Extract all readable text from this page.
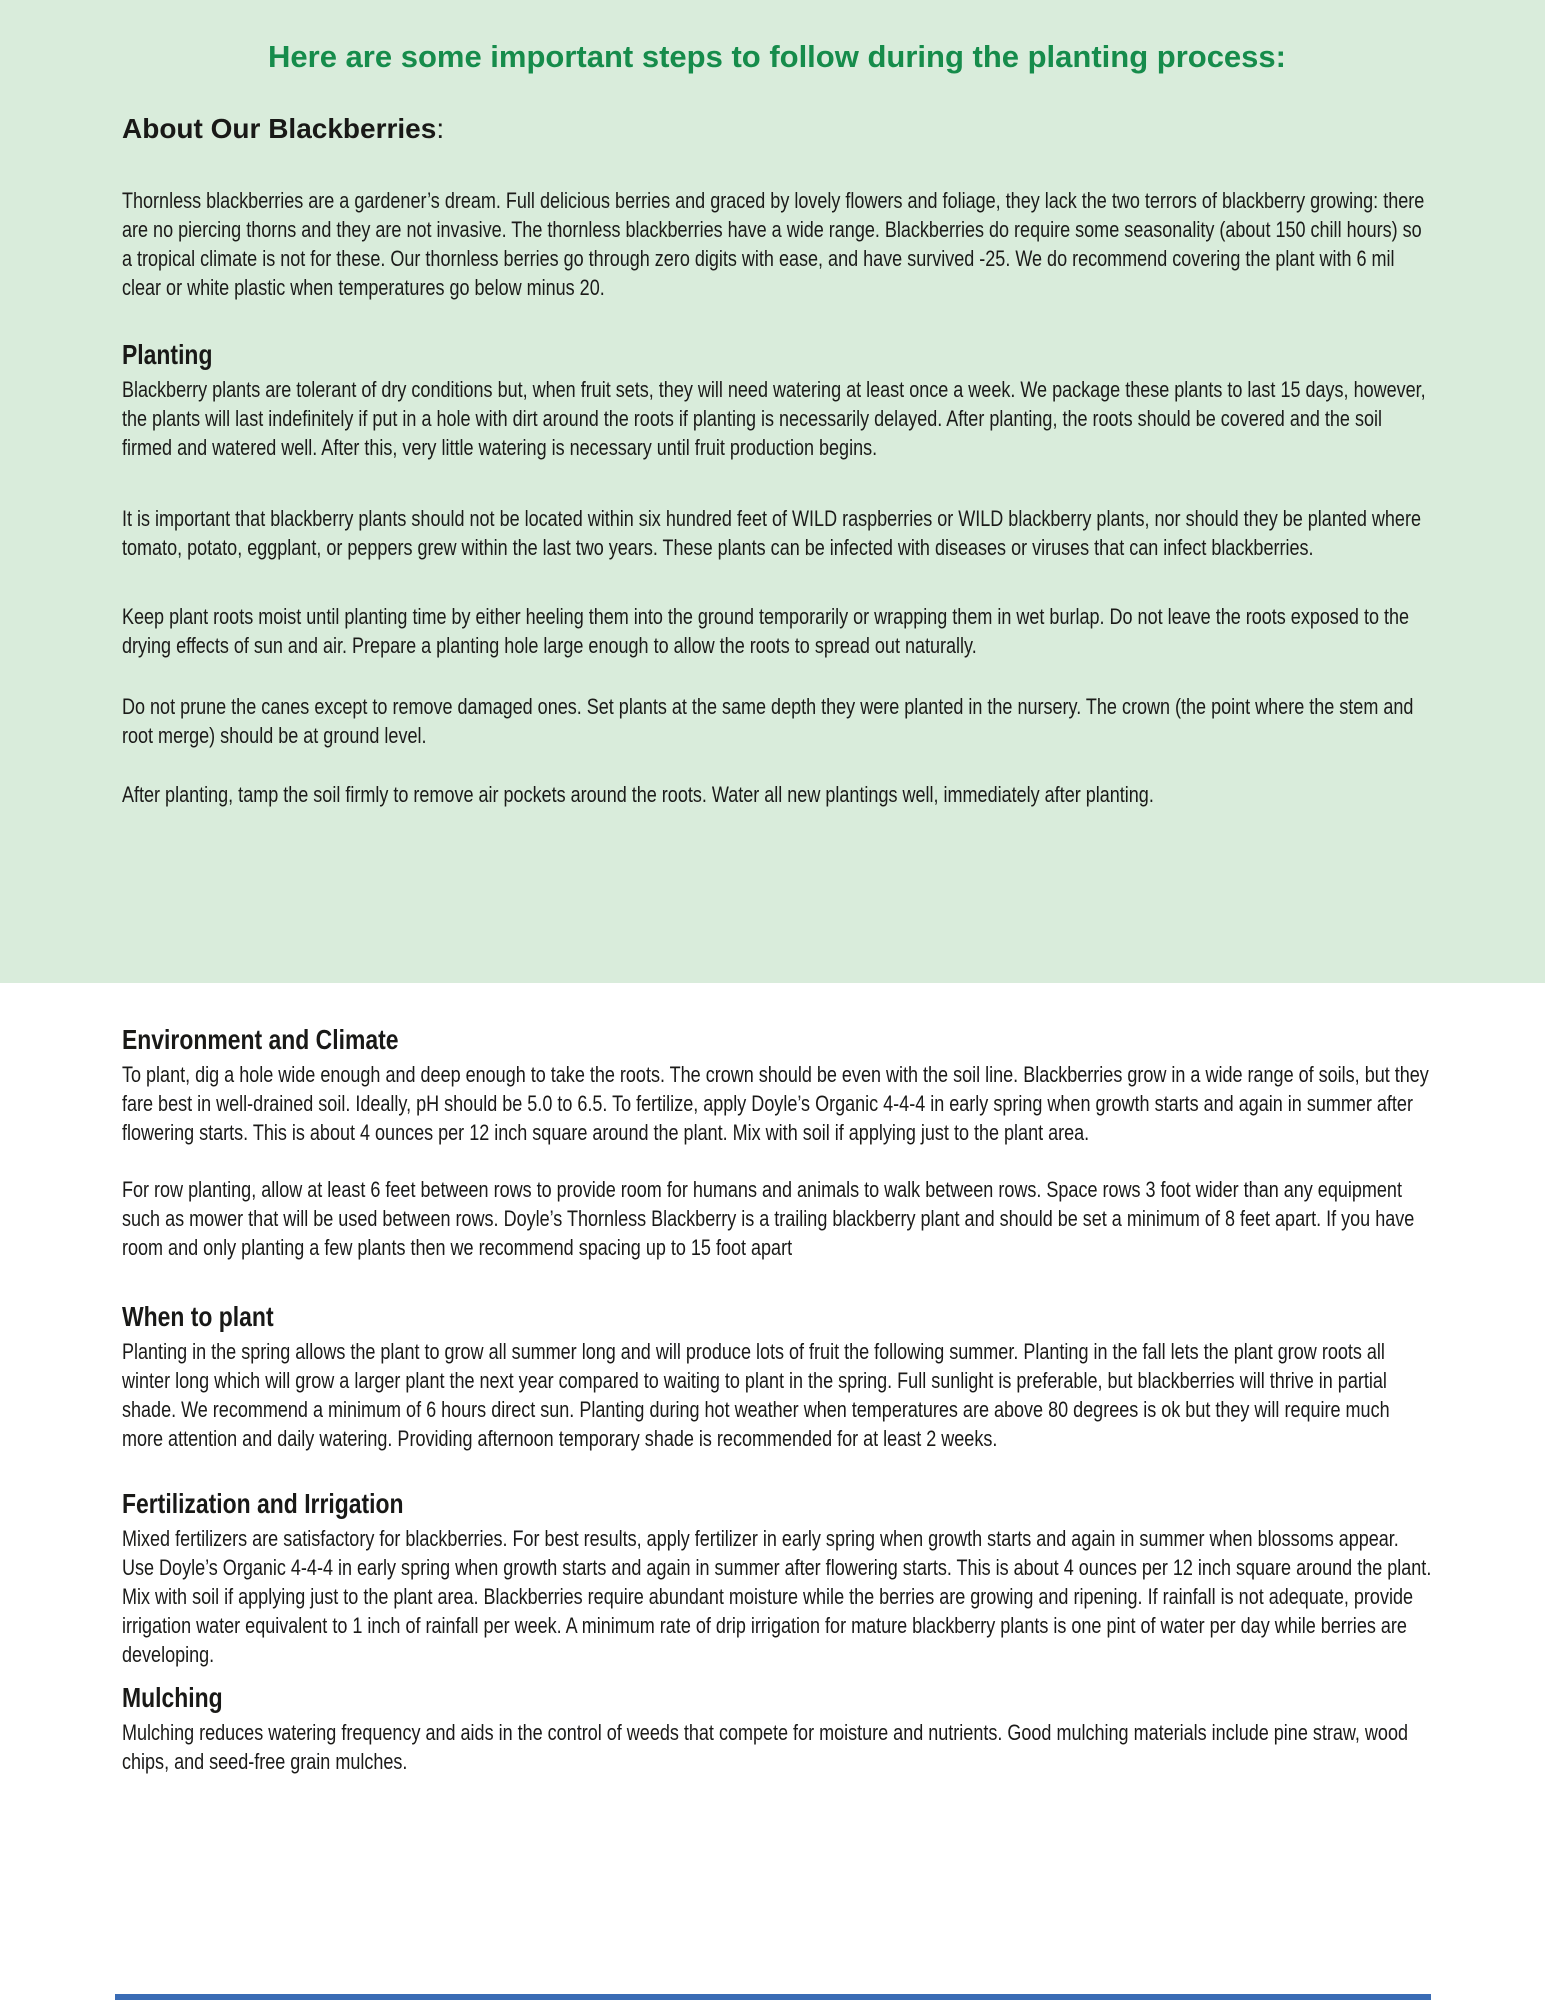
Here are some important steps to follow during the planting process:
About Our Blackberries:

Thornless blackberries are a gardener’s dream. Full delicious berries and graced by lovely flowers and foliage, they lack the two terrors of blackberry growing: there are no piercing thorns and they are not invasive. The thornless blackberries have a wide range. Blackberries do require some seasonality (about 150 chill hours) so a tropical climate is not for these. Our thornless berries go through zero digits with ease, and have survived -25. We do recommend covering the plant with 6 mil clear or white plastic when temperatures go below minus 20.

Planting

Blackberry plants are tolerant of dry conditions but, when fruit sets, they will need watering at least once a week. We package these plants to last 15 days, however, the plants will last indefinitely if put in a hole with dirt around the roots if planting is necessarily delayed. After planting, the roots should be covered and the soil firmed and watered well. After this, very little watering is necessary until fruit production begins.

It is important that blackberry plants should not be located within six hundred feet of WILD raspberries or WILD blackberry plants, nor should they be planted where tomato, potato, eggplant, or peppers grew within the last two years. These plants can be infected with diseases or viruses that can infect blackberries.

Keep plant roots moist until planting time by either heeling them into the ground temporarily or wrapping them in wet burlap. Do not leave the roots exposed to the drying effects of sun and air. Prepare a planting hole large enough to allow the roots to spread out naturally.

Do not prune the canes except to remove damaged ones. Set plants at the same depth they were planted in the nursery. The crown (the point where the stem and root merge) should be at ground level.

After planting, tamp the soil firmly to remove air pockets around the roots. Water all new plantings well, immediately after planting.

Environment and Climate

To plant, dig a hole wide enough and deep enough to take the roots. The crown should be even with the soil line. Blackberries grow in a wide range of soils, but they fare best in well-drained soil. Ideally, pH should be 5.0 to 6.5. To fertilize, apply Doyle’s Organic 4-4-4 in early spring when growth starts and again in summer after flowering starts. This is about 4 ounces per 12 inch square around the plant. Mix with soil if applying just to the plant area.

For row planting, allow at least 6 feet between rows to provide room for humans and animals to walk between rows. Space rows 3 foot wider than any equipment such as mower that will be used between rows. Doyle’s Thornless Blackberry is a trailing blackberry plant and should be set a minimum of 8 feet apart. If you have room and only planting a few plants then we recommend spacing up to 15 foot apart

When to plant

Planting in the spring allows the plant to grow all summer long and will produce lots of fruit the following summer. Planting in the fall lets the plant grow roots all winter long which will grow a larger plant the next year compared to waiting to plant in the spring. Full sunlight is preferable, but blackberries will thrive in partial shade. We recommend a minimum of 6 hours direct sun. Planting during hot weather when temperatures are above 80 degrees is ok but they will require much more attention and daily watering. Providing afternoon temporary shade is recommended for at least 2 weeks.

Fertilization and Irrigation

Mixed fertilizers are satisfactory for blackberries. For best results, apply fertilizer in early spring when growth starts and again in summer when blossoms appear. Use Doyle’s Organic 4-4-4 in early spring when growth starts and again in summer after flowering starts. This is about 4 ounces per 12 inch square around the plant. Mix with soil if applying just to the plant area. Blackberries require abundant moisture while the berries are growing and ripening. If rainfall is not adequate, provide irrigation water equivalent to 1 inch of rainfall per week. A minimum rate of drip irrigation for mature blackberry plants is one pint of water per day while berries are developing.

Mulching

Mulching reduces watering frequency and aids in the control of weeds that compete for moisture and nutrients. Good mulching materials include pine straw, wood chips, and seed-free grain mulches.
